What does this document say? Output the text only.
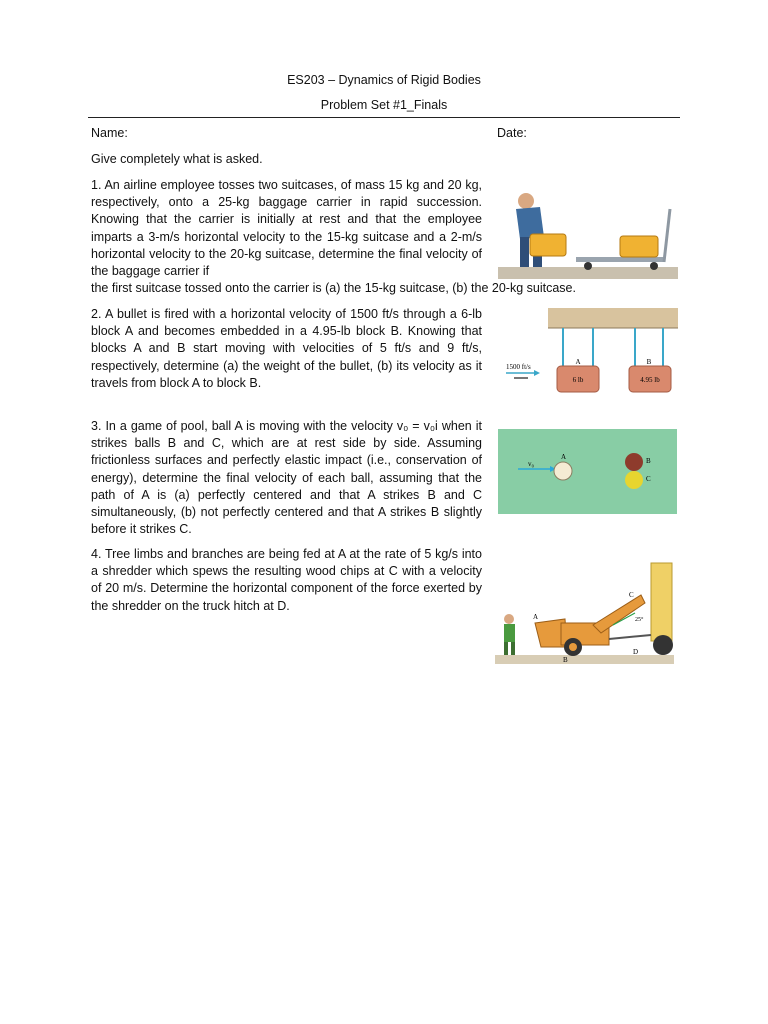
ES203 – Dynamics of Rigid Bodies
Problem Set #1_Finals
Name:	Date:
Give completely what is asked.
1. An airline employee tosses two suitcases, of mass 15 kg and 20 kg, respectively, onto a 25-kg baggage carrier in rapid succession. Knowing that the carrier is initially at rest and that the employee imparts a 3-m/s horizontal velocity to the 15-kg suitcase and a 2-m/s horizontal velocity to the 20-kg suitcase, determine the final velocity of the baggage carrier if
the first suitcase tossed onto the carrier is (a) the 15-kg suitcase, (b) the 20-kg suitcase.
2. A bullet is fired with a horizontal velocity of 1500 ft/s through a 6-lb block A and becomes embedded in a 4.95-lb block B. Knowing that blocks A and B start moving with velocities of 5 ft/s and 9 ft/s, respectively, determine (a) the weight of the bullet, (b) its velocity as it travels from block A to block B.
A	B
6 lb	4.95 lb
1500 ft/s
3. In a game of pool, ball A is moving with the velocity v₀ = v₀i when it strikes balls B and C, which are at rest side by side. Assuming frictionless surfaces and perfectly elastic impact (i.e., conservation of energy), determine the final velocity of each ball, assuming that the path of A is (a) perfectly centered and that A strikes B and C simultaneously, (b) not perfectly centered and that A strikes B slightly before it strikes C.
v₀
A	B
C
4. Tree limbs and branches are being fed at A at the rate of 5 kg/s into a shredder which spews the resulting wood chips at C with a velocity of 20 m/s. Determine the horizontal component of the force exerted by the shredder on the truck hitch at D.
A
B
C
D
25°
